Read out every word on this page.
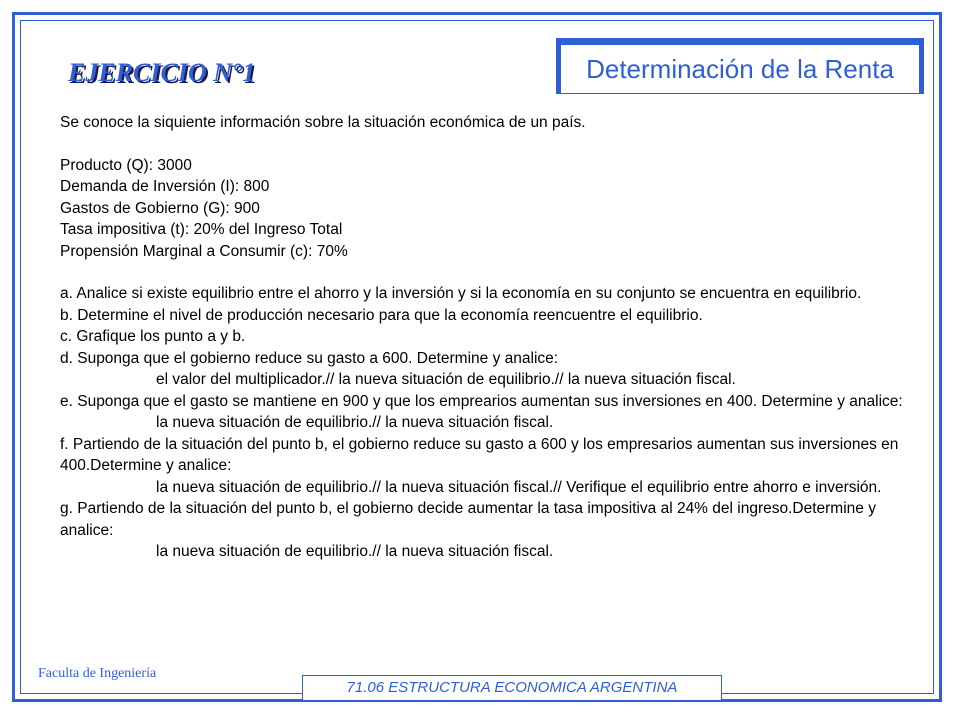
Determinación de la Renta
EJERCICIO N°1

Se conoce la siquiente información sobre la situación económica de un país.

Producto (Q): 3000

Demanda de Inversión (I): 800

Gastos de Gobierno (G): 900

Tasa impositiva (t): 20% del Ingreso Total

Propensión Marginal a Consumir (c): 70%

a. Analice si existe equilibrio entre el ahorro y la inversión y si la economía en su conjunto se encuentra en equilibrio.

b. Determine el nivel de producción necesario para que la economía reencuentre el equilibrio.

c. Grafique los punto a y b.

d. Suponga que el gobierno reduce su gasto a 600. Determine y analice:

el valor del multiplicador.// la nueva situación de equilibrio.// la nueva situación fiscal.

e. Suponga que el gasto se mantiene en 900 y que los emprearios aumentan sus inversiones en 400. Determine y analice:

la nueva situación de equilibrio.// la nueva situación fiscal.

f. Partiendo de la situación del punto b, el gobierno reduce su gasto a 600 y los empresarios aumentan sus inversiones en 400.Determine y analice:

la nueva situación de equilibrio.// la nueva situación fiscal.// Verifique el equilibrio entre ahorro e inversión.

g. Partiendo de la situación del punto b, el gobierno decide aumentar la tasa impositiva al 24% del ingreso.Determine y analice:

la nueva situación de equilibrio.// la nueva situación fiscal.

Faculta de Ingeniería
71.06 ESTRUCTURA ECONOMICA ARGENTINA
